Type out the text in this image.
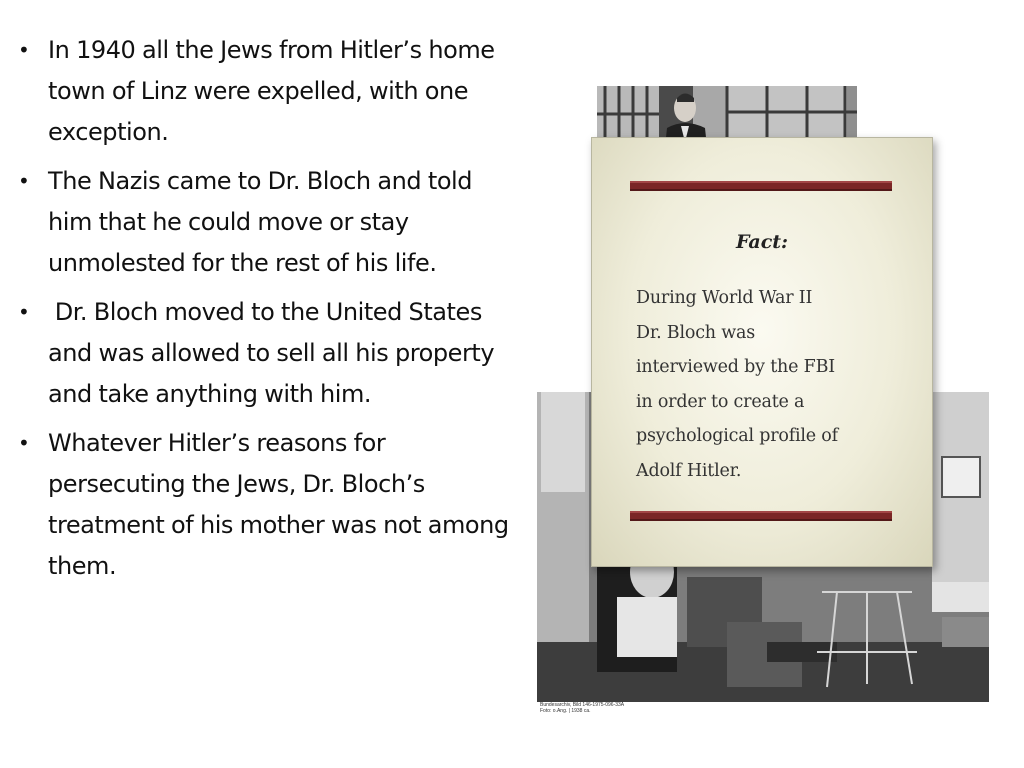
• In 1940 all the Jews from Hitler’s home town of Linz were expelled, with one exception.
• The Nazis came to Dr. Bloch and told him that he could move or stay unmolested for the rest of his life.
• Dr. Bloch moved to the United States and was allowed to sell all his property and take anything with him.
• Whatever Hitler’s reasons for persecuting the Jews, Dr. Bloch’s treatment of his mother was not among them.
Bundesarchiv, Bild 146-1975-096-33A
Foto: o.Ang. | 1938 ca.
Fact:
During World War II
Dr. Bloch was
interviewed by the FBI
in order to create a
psychological profile of
Adolf Hitler.
